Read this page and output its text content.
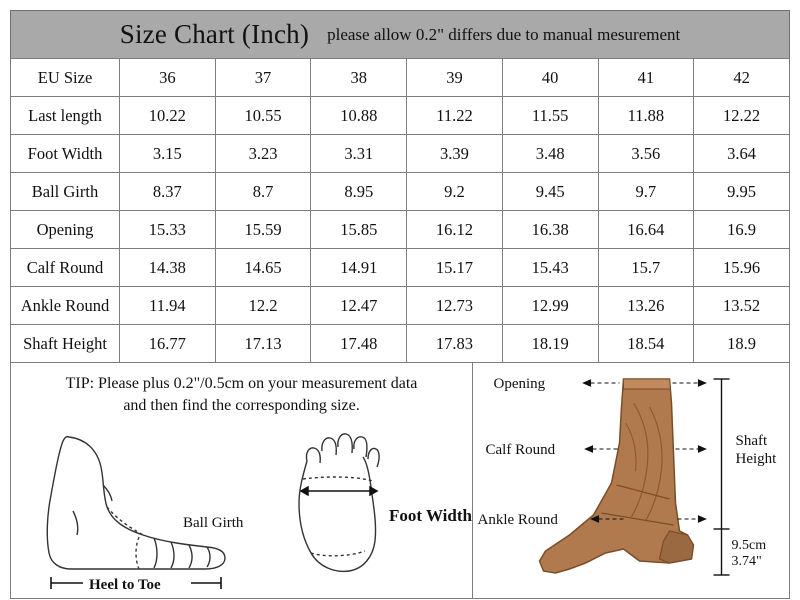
Size Chart (Inch) please allow 0.2" differs due to manual mesurement
EU Size	36	37	38	39	40	41	42
Last length	10.22	10.55	10.88	11.22	11.55	11.88	12.22
Foot Width	3.15	3.23	3.31	3.39	3.48	3.56	3.64
Ball Girth	8.37	8.7	8.95	9.2	9.45	9.7	9.95
Opening	15.33	15.59	15.85	16.12	16.38	16.64	16.9
Calf Round	14.38	14.65	14.91	15.17	15.43	15.7	15.96
Ankle Round	11.94	12.2	12.47	12.73	12.99	13.26	13.52
Shaft Height	16.77	17.13	17.48	17.83	18.19	18.54	18.9
TIP: Please plus 0.2"/0.5cm on your measurement data
and then find the corresponding size.
Ball Girth
Heel to Toe
Foot Width
Opening
Calf Round
Ankle Round
Shaft
Height
9.5cm
3.74"
